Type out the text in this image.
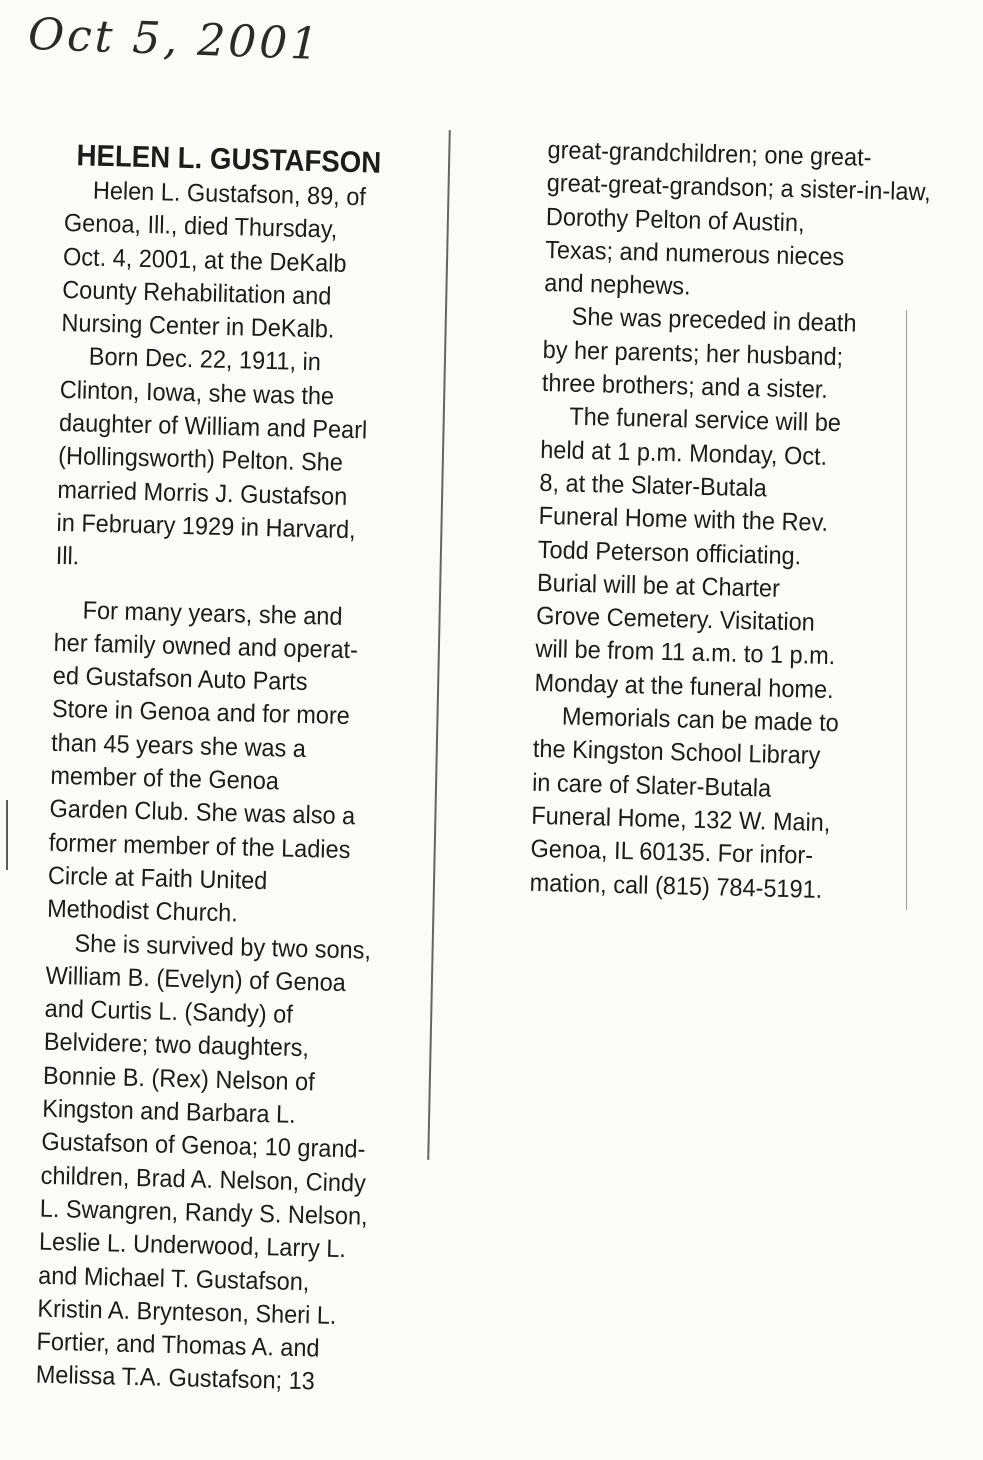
Oct 5, 2001
HELEN L. GUSTAFSON
Helen L. Gustafson, 89, of
Genoa, Ill., died Thursday,
Oct. 4, 2001, at the DeKalb
County Rehabilitation and
Nursing Center in DeKalb.
Born Dec. 22, 1911, in
Clinton, Iowa, she was the
daughter of William and Pearl
(Hollingsworth) Pelton. She
married Morris J. Gustafson
in February 1929 in Harvard,
Ill.
For many years, she and
her family owned and operat-
ed Gustafson Auto Parts
Store in Genoa and for more
than 45 years she was a
member of the Genoa
Garden Club. She was also a
former member of the Ladies
Circle at Faith United
Methodist Church.
She is survived by two sons,
William B. (Evelyn) of Genoa
and Curtis L. (Sandy) of
Belvidere; two daughters,
Bonnie B. (Rex) Nelson of
Kingston and Barbara L.
Gustafson of Genoa; 10 grand-
children, Brad A. Nelson, Cindy
L. Swangren, Randy S. Nelson,
Leslie L. Underwood, Larry L.
and Michael T. Gustafson,
Kristin A. Brynteson, Sheri L.
Fortier, and Thomas A. and
Melissa T.A. Gustafson; 13
great-grandchildren; one great-
great-great-grandson; a sister-in-law,
Dorothy Pelton of Austin,
Texas; and numerous nieces
and nephews.
She was preceded in death
by her parents; her husband;
three brothers; and a sister.
The funeral service will be
held at 1 p.m. Monday, Oct.
8, at the Slater-Butala
Funeral Home with the Rev.
Todd Peterson officiating.
Burial will be at Charter
Grove Cemetery. Visitation
will be from 11 a.m. to 1 p.m.
Monday at the funeral home.
Memorials can be made to
the Kingston School Library
in care of Slater-Butala
Funeral Home, 132 W. Main,
Genoa, IL 60135. For infor-
mation, call (815) 784-5191.
